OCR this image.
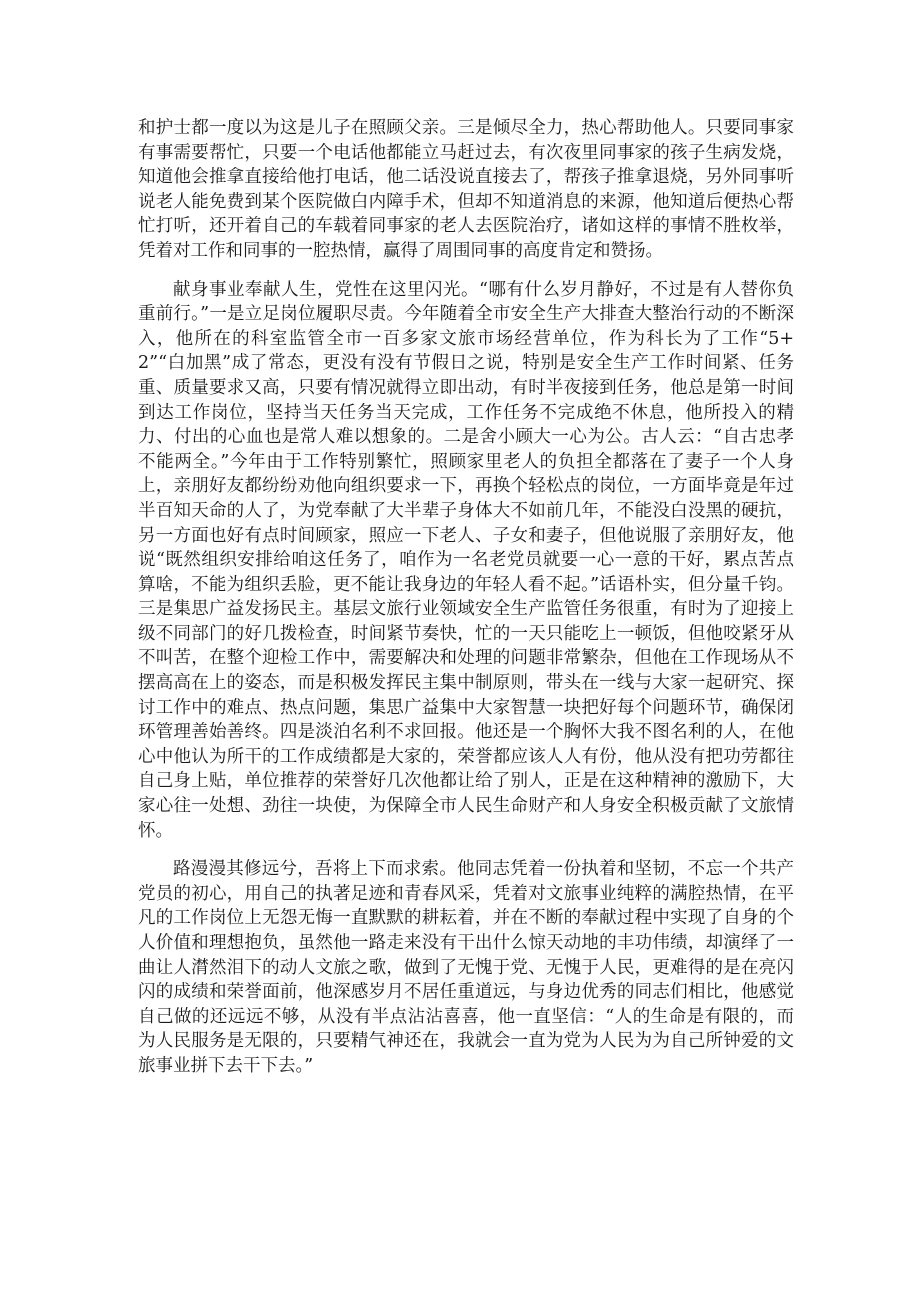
和护士都一度以为这是儿子在照顾父亲。三是倾尽全力，热心帮助他人。只要同事家有事需要帮忙，只要一个电话他都能立马赶过去，有次夜里同事家的孩子生病发烧，知道他会推拿直接给他打电话，他二话没说直接去了，帮孩子推拿退烧，另外同事听说老人能免费到某个医院做白内障手术，但却不知道消息的来源，他知道后便热心帮忙打听，还开着自己的车载着同事家的老人去医院治疗，诸如这样的事情不胜枚举，凭着对工作和同事的一腔热情，赢得了周围同事的高度肯定和赞扬。

献身事业奉献人生，党性在这里闪光。“哪有什么岁月静好，不过是有人替你负重前行。”一是立足岗位履职尽责。今年随着全市安全生产大排查大整治行动的不断深入，他所在的科室监管全市一百多家文旅市场经营单位，作为科长为了工作“5+2”“白加黑”成了常态，更没有没有节假日之说，特别是安全生产工作时间紧、任务重、质量要求又高，只要有情况就得立即出动，有时半夜接到任务，他总是第一时间到达工作岗位，坚持当天任务当天完成，工作任务不完成绝不休息，他所投入的精力、付出的心血也是常人难以想象的。二是舍小顾大一心为公。古人云：“自古忠孝不能两全。”今年由于工作特别繁忙，照顾家里老人的负担全都落在了妻子一个人身上，亲朋好友都纷纷劝他向组织要求一下，再换个轻松点的岗位，一方面毕竟是年过半百知天命的人了，为党奉献了大半辈子身体大不如前几年，不能没白没黑的硬抗，另一方面也好有点时间顾家，照应一下老人、子女和妻子，但他说服了亲朋好友，他说“既然组织安排给咱这任务了，咱作为一名老党员就要一心一意的干好，累点苦点算啥，不能为组织丢脸，更不能让我身边的年轻人看不起。”话语朴实，但分量千钧。三是集思广益发扬民主。基层文旅行业领域安全生产监管任务很重，有时为了迎接上级不同部门的好几拨检查，时间紧节奏快，忙的一天只能吃上一顿饭，但他咬紧牙从不叫苦，在整个迎检工作中，需要解决和处理的问题非常繁杂，但他在工作现场从不摆高高在上的姿态，而是积极发挥民主集中制原则，带头在一线与大家一起研究、探讨工作中的难点、热点问题，集思广益集中大家智慧一块把好每个问题环节，确保闭环管理善始善终。四是淡泊名利不求回报。他还是一个胸怀大我不图名利的人，在他心中他认为所干的工作成绩都是大家的，荣誉都应该人人有份，他从没有把功劳都往自己身上贴，单位推荐的荣誉好几次他都让给了别人，正是在这种精神的激励下，大家心往一处想、劲往一块使，为保障全市人民生命财产和人身安全积极贡献了文旅情怀。

路漫漫其修远兮，吾将上下而求索。他同志凭着一份执着和坚韧，不忘一个共产党员的初心，用自己的执著足迹和青春风采，凭着对文旅事业纯粹的满腔热情，在平凡的工作岗位上无怨无悔一直默默的耕耘着，并在不断的奉献过程中实现了自身的个人价值和理想抱负，虽然他一路走来没有干出什么惊天动地的丰功伟绩，却演绎了一曲让人潸然泪下的动人文旅之歌，做到了无愧于党、无愧于人民，更难得的是在亮闪闪的成绩和荣誉面前，他深感岁月不居任重道远，与身边优秀的同志们相比，他感觉自己做的还远远不够，从没有半点沾沾喜喜，他一直坚信：“人的生命是有限的，而为人民服务是无限的，只要精气神还在，我就会一直为党为人民为为自己所钟爱的文旅事业拼下去干下去。”
